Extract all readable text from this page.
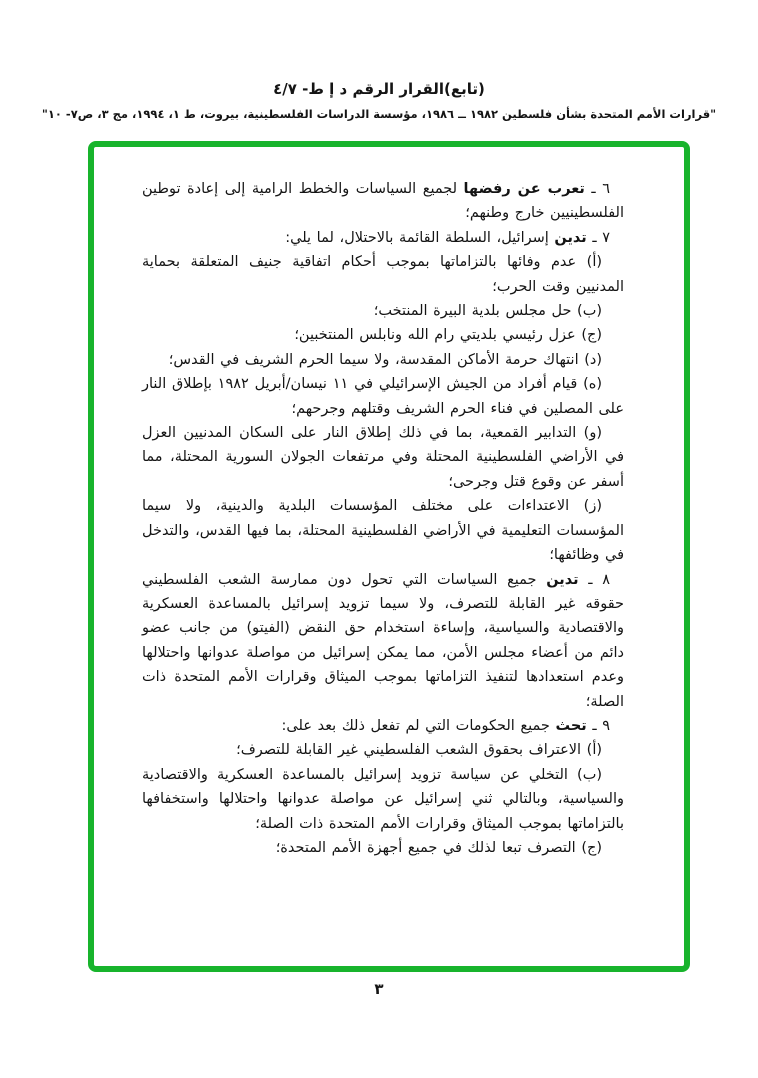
(تابع)القرار الرقم د إ ط- ٤/٧
"قرارات الأمم المتحدة بشأن فلسطين ١٩٨٢ ــ ١٩٨٦، مؤسسة الدراسات الفلسطينية، بيروت، ط ١، ١٩٩٤، مج ٣، ص٧- ١٠"

٦ ـ تعرب عن رفضها لجميع السياسات والخطط الرامية إلى إعادة توطين الفلسطينيين خارج وطنهم؛

٧ ـ تدين إسرائيل، السلطة القائمة بالاحتلال، لما يلي:

(أ) عدم وفائها بالتزاماتها بموجب أحكام اتفاقية جنيف المتعلقة بحماية المدنيين وقت الحرب؛

(ب) حل مجلس بلدية البيرة المنتخب؛

(ج) عزل رئيسي بلديتي رام الله ونابلس المنتخبين؛

(د) انتهاك حرمة الأماكن المقدسة، ولا سيما الحرم الشريف في القدس؛

(ه) قيام أفراد من الجيش الإسرائيلي في ١١ نيسان/أبريل ١٩٨٢ بإطلاق النار على المصلين في فناء الحرم الشريف وقتلهم وجرحهم؛

(و) التدابير القمعية، بما في ذلك إطلاق النار على السكان المدنيين العزل في الأراضي الفلسطينية المحتلة وفي مرتفعات الجولان السورية المحتلة، مما أسفر عن وقوع قتل وجرحى؛

(ز) الاعتداءات على مختلف المؤسسات البلدية والدينية، ولا سيما المؤسسات التعليمية في الأراضي الفلسطينية المحتلة، بما فيها القدس، والتدخل في وظائفها؛

٨ ـ تدين جميع السياسات التي تحول دون ممارسة الشعب الفلسطيني حقوقه غير القابلة للتصرف، ولا سيما تزويد إسرائيل بالمساعدة العسكرية والاقتصادية والسياسية، وإساءة استخدام حق النقض (الفيتو) من جانب عضو دائم من أعضاء مجلس الأمن، مما يمكن إسرائيل من مواصلة عدوانها واحتلالها وعدم استعدادها لتنفيذ التزاماتها بموجب الميثاق وقرارات الأمم المتحدة ذات الصلة؛

٩ ـ تحث جميع الحكومات التي لم تفعل ذلك بعد على:

(أ) الاعتراف بحقوق الشعب الفلسطيني غير القابلة للتصرف؛

(ب) التخلي عن سياسة تزويد إسرائيل بالمساعدة العسكرية والاقتصادية والسياسية، وبالتالي ثني إسرائيل عن مواصلة عدوانها واحتلالها واستخفافها بالتزاماتها بموجب الميثاق وقرارات الأمم المتحدة ذات الصلة؛

(ج) التصرف تبعا لذلك في جميع أجهزة الأمم المتحدة؛

٣
